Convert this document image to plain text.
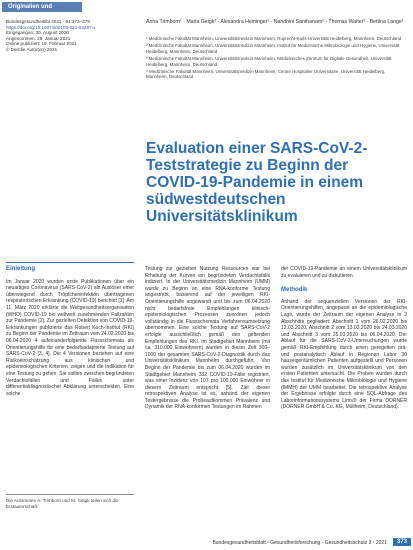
Originalien und Übersichten
Bundesgesundheitsbl 2021 · 64:373–379
https://doi.org/10.1007/s00103-021-03287-x
Eingegangen: 30. August 2020
Angenommen: 25. Januar 2021
Online publiziert: 19. Februar 2021
© Der/die Autor(en) 2021
Anna Trimborn¹ · Maria Geigk² · Alexandra Heininger¹ · Nandhini Santhanam¹ · Thomas Walter³ · Bettina Lange¹
¹ Medizinische Fakultät Mannheim, Universitätsmedizin Mannheim, Ruprecht-Karls-Universität Heidelberg, Mannheim, Deutschland
² Medizinische Fakultät Mannheim, Universitätsmedizin Mannheim, Institut für Medizinische Mikrobiologie und Hygiene, Universität Heidelberg, Mannheim, Deutschland
³ Medizinische Fakultät Mannheim, Universitätsmedizin Mannheim, Medizinisches Zentrum für Digitale Gesundheit, Universität Heidelberg, Mannheim, Deutschland
⁴ Medizinische Fakultät Mannheim, Universitätsmedizin Mannheim, Centre Hospitalier Universitaire, Universität Heidelberg, Mannheim, Deutschland
Evaluation einer SARS-CoV-2-
Teststrategie zu Beginn der
COVID-19-Pandemie in einem
südwestdeutschen
Universitätsklinikum
Einleitung

Im Januar 2020 wurden erste Publikationen über ein neuartiges Coronavirus (SARS-CoV-2) als Auslöser einer überwiegend durch Tröpfcheninfektion übertragenen respiratorischen Erkrankung (COVID-19) berichtet [1]. Am 11. März 2020 erklärte die Weltgesundheitsorganisation (WHO) COVID-19 bei weltweit zunehmenden Fallzahlen zur Pandemie [2]. Zur gezielten Detektion von COVID-19-Erkrankungen publizierte das Robert Koch-Institut (RKI) zu Beginn der Pandemie im Zeitraum vom 24.02.2020 bis 06.04.2020 4 aufeinanderfolgende Flussschemata als Orientierungshilfe für eine bedarfsadaptierte Testung auf SARS-CoV-2 [3, 4]. Die 4 Versionen beziehen auf eine Risikoeinschätzung aus klinischen und epidemiologischen Kriterien, zeigen und die Indikation für eine Testung zu gehen. Sie sollten zwischen begründeten Verdachtsfällen und Fällen unter differentialdiagnostischer Abklärung unterscheiden. Eine solche

Testung zur gezielten Nutzung Ressourcen war bei Erhaltung der Kurven ein begründeten Verdachtsfalls indiziert. In der Universitätsmedizin Mannheim (UMM) wurde zu Beginn an eine RNA-konforme Testung angestrebt, basierend auf der jeweiligen RKI-Orientierungshilfe angewandt und bis zum 06.04.2020 nicht bedarfsfreie Empfehlungen klinisch-epidemiologischen Prozessen zuordnen jedoch vollständig in die Flussschemata Verfahrensumsetzung übernommen. Eine solche Testung auf SARS-CoV-2 erfolgte ausschließlich gemäß den geltenden Empfehlungen des RKI. Im Stadtgebiet Mannheim (mit ca. 310.000 Einwohnern) wurden in dieser Zeit 300–1000 der gesamten SARS-CoV-2-Diagnostik durch das Universitätsklinikum Mannheim durchgeführt. Von Beginn der Pandemie bis zum 06.04.2020 wurden im Stadtgebiet Mannheim 332 COVID-19-Fälle registriert, was einer Inzidenz von 107 pro 100.000 Einwohner in diesem Zeitraum entspricht [5]. Ziel dieser retrospektiven Analyse ist es, anhand der eigenen Testergebnisse die Probeaufkommen Prävalenz und Dynamik der RNA-konformen Testungen im Rahmen

der COVID-19-Pandemie an einem Universitätsklinikum zu evaluieren und zu diskutieren.

Methodik

Anhand der sequenziellen Versionen der RKI-Orientierungshilfen, angepasst an die epidemiologische Lage, wurde der Zeitraum der eigenen Analyse in 3 Abschnitte gegliedert: Abschnitt 1 vom 26.02.2020 bis 12.03.2020, Abschnitt 2 vom 13.03.2020 bis 24.03.2020 und Abschnitt 3 vom 25.03.2020 bis 06.04.2020. Der Ablauf für die SARS-CoV-2-Untersuchungen wurde gemäß RKI-Empfehlung durch einen geregelten prä- und postanalytisch Ablauf in Regionen Labor 30 hauseigentümlichen Patienten aufgestellt und Personen wurden zusätzlich im Universitätsklinikum von den ersten Patienten untersucht. Die Proben wurden durch das Institut für Medizinische Mikrobiologie und Hygiene (IMMH) der UMM bearbeitet. Die retrospektive Analyse der Ergebnisse erfolgte durch eine SQL-Abfrage des Laborinformationssystems Lims® der Firma DORNER (DORNER GmbH & Co. KG, Müllheim, Deutschland).

Die Autorinnen A. Trimborn und M. Geigk teilen sich die Erstautorschaft.
Bundesgesundheitsblatt - Gesundheitsforschung - Gesundheitsschutz 3 · 2021	373
